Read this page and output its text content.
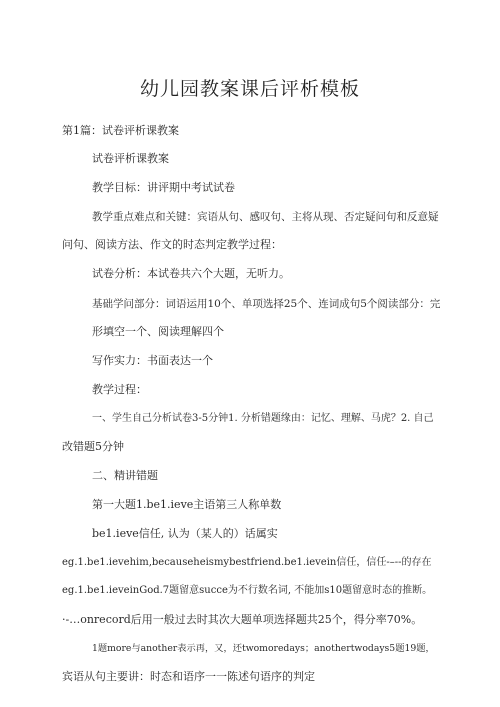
幼儿园教案课后评析模板
第1篇：试卷评析课教案
试卷评析课教案
教学目标：讲评期中考试试卷
教学重点难点和关键：宾语从句、感叹句、主将从现、否定疑问句和反意疑
问句、阅读方法、作文的时态判定教学过程：
试卷分析：本试卷共六个大题，无听力。
基础学问部分：词语运用10个、单项选择25个、连词成句5个阅读部分：完
形填空一个、阅读理解四个
写作实力：书面表达一个
教学过程：
一、学生自己分析试卷3-5分钟1. 分析错题缘由：记忆、理解、马虎？2. 自己
改错题5分钟
二、精讲错题
第一大题1.be1.ieve主语第三人称单数
be1.ieve信任, 认为（某人的）话属实
eg.1.be1.ievehim,becauseheismybestfriend.be1.ievein信任，信任-–--的存在
eg.1.be1.ieveinGod.7题留意succe为不行数名词, 不能加s10题留意时态的推断。
·-…onrecord后用一般过去时其次大题单项选择题共25个，得分率70%。
1题more与another表示再，又，还twomoredays；anothertwodays5题19题，
宾语从句主要讲：时态和语序一一陈述句语序的判定
